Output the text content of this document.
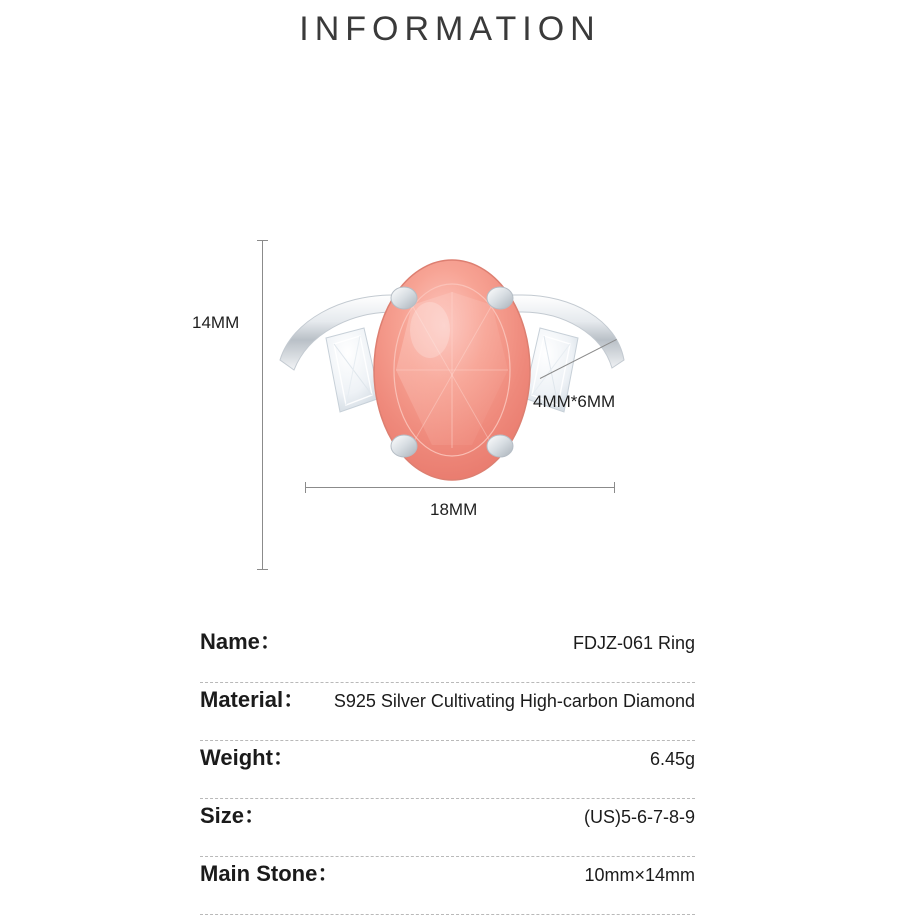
INFORMATION
14MM
18MM
4MM*6MM
Name：	FDJZ-061 Ring
Material： S925 Silver Cultivating High-carbon Diamond
Weight：	6.45g
Size：	(US)5-6-7-8-9
Main Stone：	10mm×14mm
